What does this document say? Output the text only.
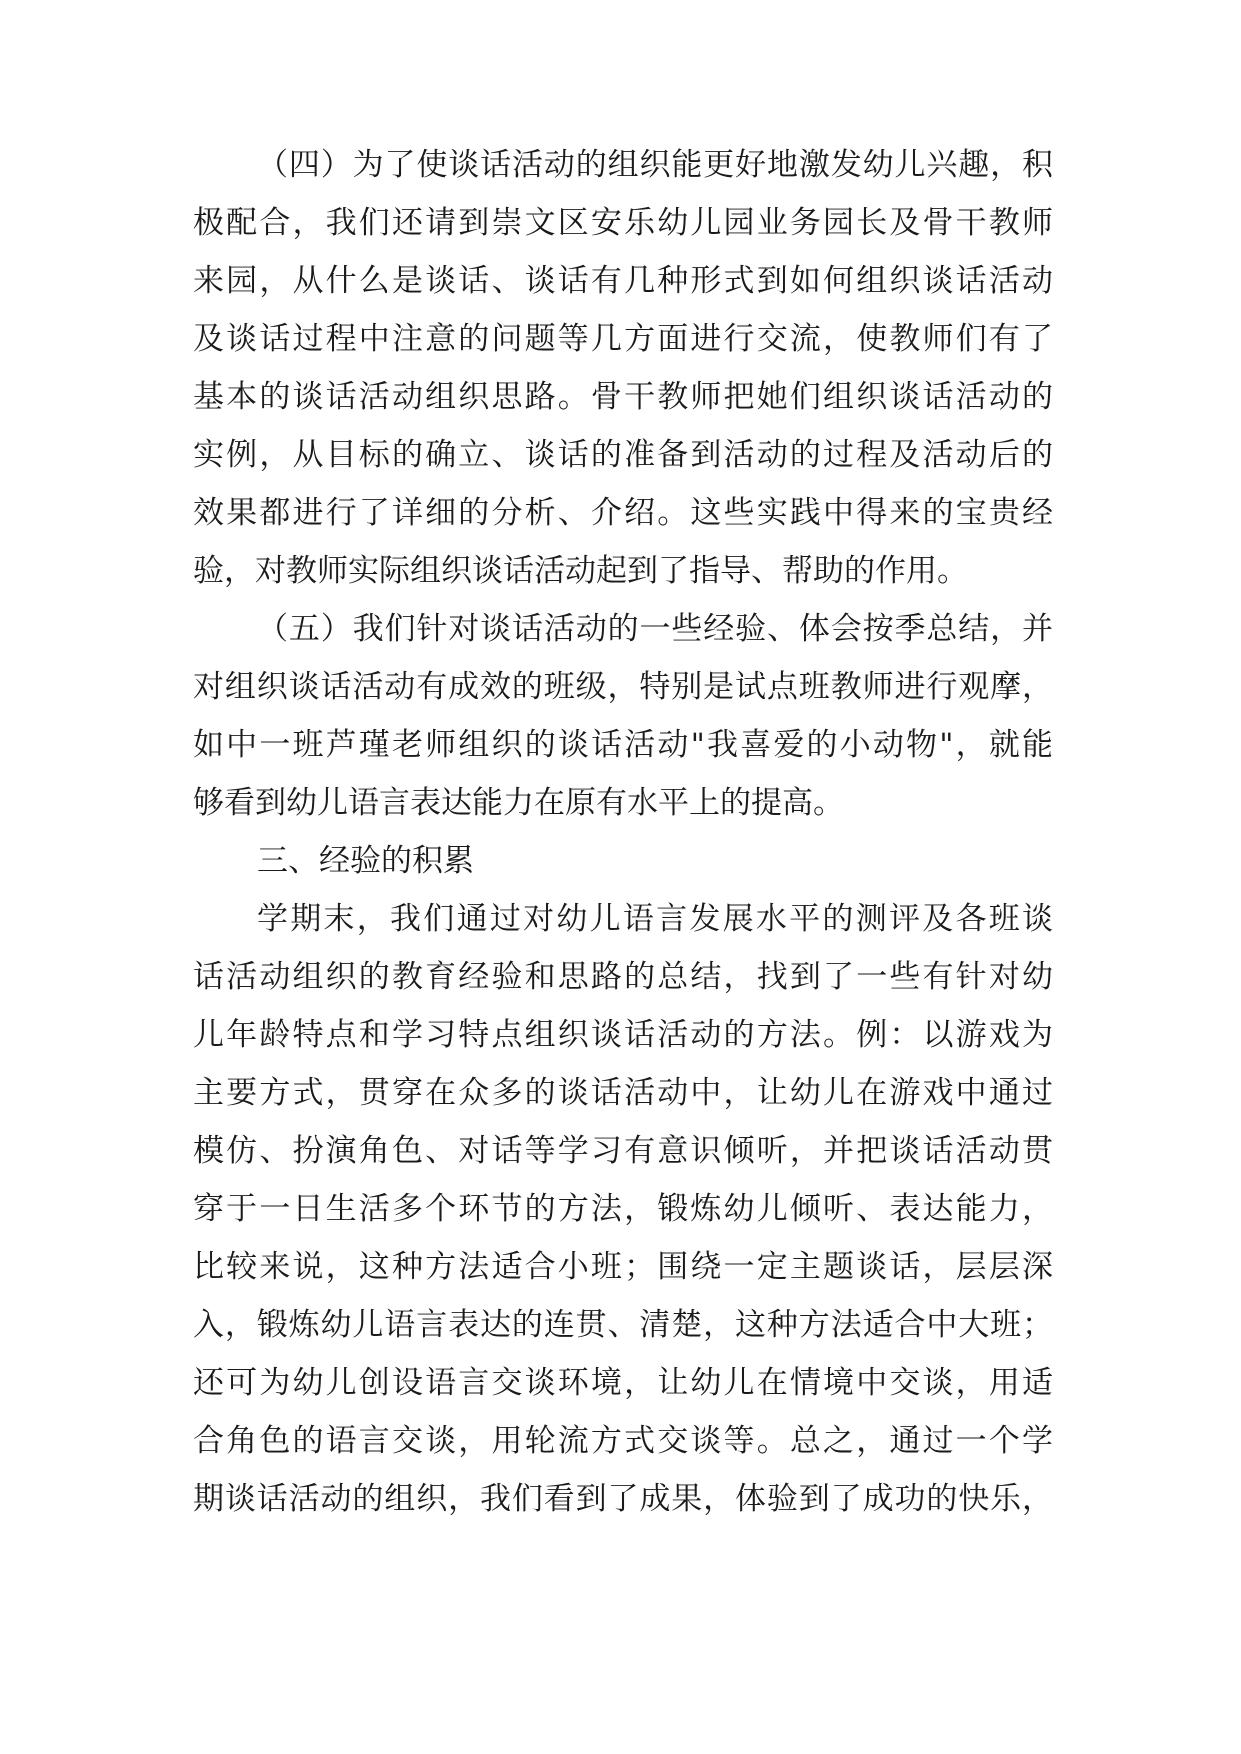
（四）为了使谈话活动的组织能更好地激发幼儿兴趣，积
极配合，我们还请到崇文区安乐幼儿园业务园长及骨干教师
来园，从什么是谈话、谈话有几种形式到如何组织谈话活动
及谈话过程中注意的问题等几方面进行交流，使教师们有了
基本的谈话活动组织思路。骨干教师把她们组织谈话活动的
实例，从目标的确立、谈话的准备到活动的过程及活动后的
效果都进行了详细的分析、介绍。这些实践中得来的宝贵经
验，对教师实际组织谈话活动起到了指导、帮助的作用。
（五）我们针对谈话活动的一些经验、体会按季总结，并
对组织谈话活动有成效的班级，特别是试点班教师进行观摩，
如中一班芦瑾老师组织的谈话活动"我喜爱的小动物"，就能
够看到幼儿语言表达能力在原有水平上的提高。
三、经验的积累
学期末，我们通过对幼儿语言发展水平的测评及各班谈
话活动组织的教育经验和思路的总结，找到了一些有针对幼
儿年龄特点和学习特点组织谈话活动的方法。例：以游戏为
主要方式，贯穿在众多的谈话活动中，让幼儿在游戏中通过
模仿、扮演角色、对话等学习有意识倾听，并把谈话活动贯
穿于一日生活多个环节的方法，锻炼幼儿倾听、表达能力，
比较来说，这种方法适合小班；围绕一定主题谈话，层层深
入，锻炼幼儿语言表达的连贯、清楚，这种方法适合中大班；
还可为幼儿创设语言交谈环境，让幼儿在情境中交谈，用适
合角色的语言交谈，用轮流方式交谈等。总之，通过一个学
期谈话活动的组织，我们看到了成果，体验到了成功的快乐，
